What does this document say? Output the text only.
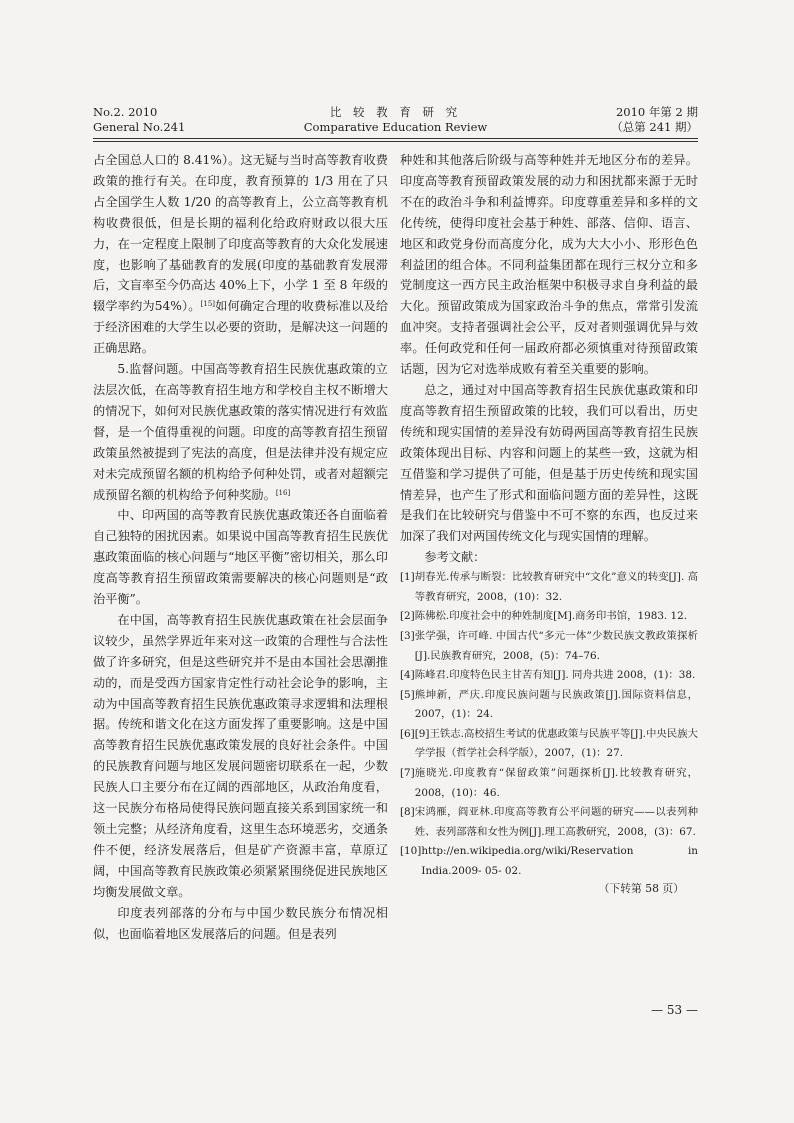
No.2. 2010
General No.241
比 较 教 育 研 究
Comparative Education Review
2010 年第 2 期
（总第 241 期）

占全国总人口的 8.41%）。这无疑与当时高等教育收费政策的推行有关。在印度，教育预算的 1/3 用在了只占全国学生人数 1/20 的高等教育上，公立高等教育机构收费很低，但是长期的福利化给政府财政以很大压力，在一定程度上限制了印度高等教育的大众化发展速度，也影响了基础教育的发展(印度的基础教育发展滞后，文盲率至今仍高达 40%上下，小学 1 至 8 年级的辍学率约为54%）。[15]如何确定合理的收费标准以及给于经济困难的大学生以必要的资助，是解决这一问题的正确思路。

5.监督问题。中国高等教育招生民族优惠政策的立法层次低，在高等教育招生地方和学校自主权不断增大的情况下，如何对民族优惠政策的落实情况进行有效监督，是一个值得重视的问题。印度的高等教育招生预留政策虽然被提到了宪法的高度，但是法律并没有规定应对未完成预留名额的机构给予何种处罚，或者对超额完成预留名额的机构给予何种奖励。[16]

中、印两国的高等教育民族优惠政策还各自面临着自己独特的困扰因素。如果说中国高等教育招生民族优惠政策面临的核心问题与“地区平衡”密切相关，那么印度高等教育招生预留政策需要解决的核心问题则是“政治平衡”。

在中国，高等教育招生民族优惠政策在社会层面争议较少，虽然学界近年来对这一政策的合理性与合法性做了许多研究，但是这些研究并不是由本国社会思潮推动的，而是受西方国家肯定性行动社会论争的影响，主动为中国高等教育招生民族优惠政策寻求逻辑和法理根据。传统和谐文化在这方面发挥了重要影响。这是中国高等教育招生民族优惠政策发展的良好社会条件。中国的民族教育问题与地区发展问题密切联系在一起，少数民族人口主要分布在辽阔的西部地区，从政治角度看，这一民族分布格局使得民族问题直接关系到国家统一和领土完整；从经济角度看，这里生态环境恶劣，交通条件不便，经济发展落后，但是矿产资源丰富，草原辽阔，中国高等教育民族政策必须紧紧围绕促进民族地区均衡发展做文章。

印度表列部落的分布与中国少数民族分布情况相似，也面临着地区发展落后的问题。但是表列

种姓和其他落后阶级与高等种姓并无地区分布的差异。印度高等教育预留政策发展的动力和困扰都来源于无时不在的政治斗争和利益博弈。印度尊重差异和多样的文化传统，使得印度社会基于种姓、部落、信仰、语言、地区和政党身份而高度分化，成为大大小小、形形色色利益团的组合体。不同利益集团都在现行三权分立和多党制度这一西方民主政治框架中积极寻求自身利益的最大化。预留政策成为国家政治斗争的焦点，常常引发流血冲突。支持者强调社会公平，反对者则强调优异与效率。任何政党和任何一届政府都必须慎重对待预留政策话题，因为它对选举成败有着至关重要的影响。

总之，通过对中国高等教育招生民族优惠政策和印度高等教育招生预留政策的比较，我们可以看出，历史传统和现实国情的差异没有妨碍两国高等教育招生民族政策体现出目标、内容和问题上的某些一致，这就为相互借鉴和学习提供了可能，但是基于历史传统和现实国情差异，也产生了形式和面临问题方面的差异性，这既是我们在比较研究与借鉴中不可不察的东西，也反过来加深了我们对两国传统文化与现实国情的理解。

参考文献：

[1] 胡春光.传承与断裂：比较教育研究中“文化”意义的转变[J]. 高等教育研究，2008，(10)：32.
[2] 陈佛松.印度社会中的种姓制度[M].商务印书馆，1983. 12.
[3] 张学强，许可峰. 中国古代“多元一体”少数民族文教政策探析[J].民族教育研究，2008，(5)：74–76.
[4] 陈峰君.印度特色民主甘苦有知[J]. 同舟共进 2008，(1)：38.
[5] 熊坤新，严庆.印度民族问题与民族政策[J].国际资料信息，2007，(1)：24.
[6] [9]王铁志.高校招生考试的优惠政策与民族平等[J].中央民族大学学报（哲学社会科学版），2007，(1)：27.
[7] 施晓光.印度教育“保留政策”问题探析[J].比较教育研究，2008，(10)：46.
[8] 宋鸿雁，阎亚林.印度高等教育公平问题的研究——以表列种姓、表列部落和女性为例[J].理工高教研究，2008，(3)：67.
[10] http://en.wikipedia.org/wiki/Reservation in India.2009- 05- 02.
（下转第 58 页）
— 53 —
